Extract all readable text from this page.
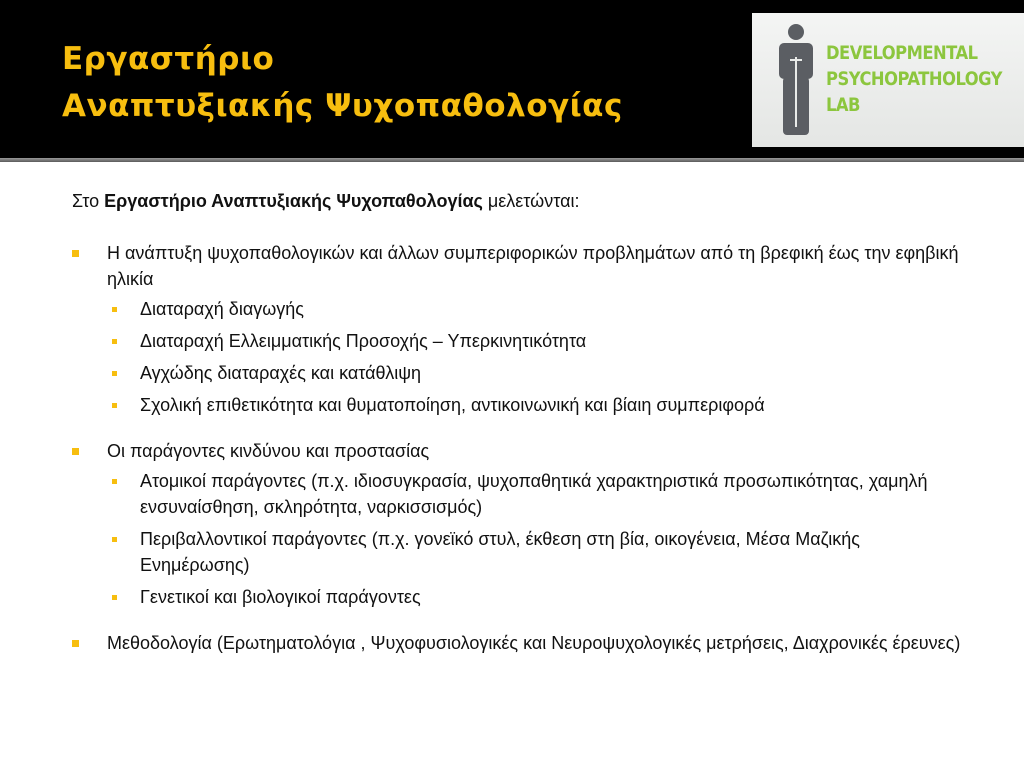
Εργαστήριο
Αναπτυξιακής Ψυχοπαθολογίας
DEVELOPMENTAL
PSYCHOPATHOLOGY
LAB

Στο Εργαστήριο Αναπτυξιακής Ψυχοπαθολογίας μελετώνται:

Η ανάπτυξη ψυχοπαθολογικών και άλλων συμπεριφορικών προβλημάτων από τη βρεφική έως την εφηβική ηλικία
Διαταραχή διαγωγής
Διαταραχή Ελλειμματικής Προσοχής – Υπερκινητικότητα
Αγχώδης διαταραχές και κατάθλιψη
Σχολική επιθετικότητα και θυματοποίηση, αντικοινωνική και βίαιη συμπεριφορά
Οι παράγοντες κινδύνου και προστασίας
Ατομικοί παράγοντες (π.χ. ιδιοσυγκρασία, ψυχοπαθητικά χαρακτηριστικά προσωπικότητας, χαμηλή ενσυναίσθηση, σκληρότητα, ναρκισσισμός)
Περιβαλλοντικοί παράγοντες (π.χ. γονεϊκό στυλ, έκθεση στη βία, οικογένεια, Μέσα Μαζικής Ενημέρωσης)
Γενετικοί και βιολογικοί παράγοντες
Μεθοδολογία (Ερωτηματολόγια , Ψυχοφυσιολογικές και Νευροψυχολογικές μετρήσεις, Διαχρονικές έρευνες)
